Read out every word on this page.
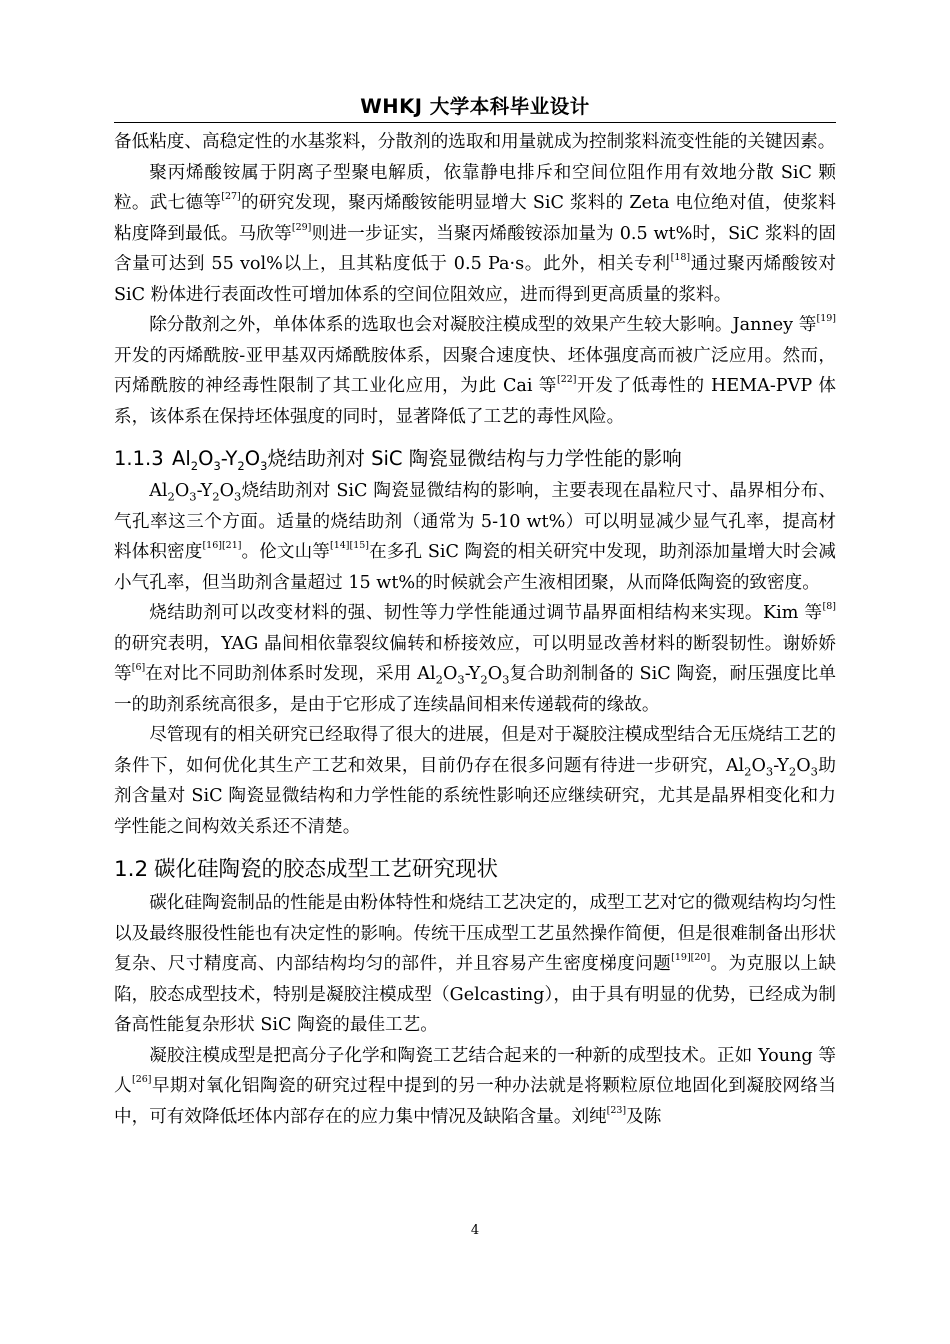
WHKJ 大学本科毕业设计

备低粘度、高稳定性的水基浆料，分散剂的选取和用量就成为控制浆料流变性能的关键因素。

聚丙烯酸铵属于阴离子型聚电解质，依靠静电排斥和空间位阻作用有效地分散 SiC 颗粒。武七德等[27]的研究发现，聚丙烯酸铵能明显增大 SiC 浆料的 Zeta 电位绝对值，使浆料粘度降到最低。马欣等[29]则进一步证实，当聚丙烯酸铵添加量为 0.5 wt%时，SiC 浆料的固含量可达到 55 vol%以上，且其粘度低于 0.5 Pa·s。此外，相关专利[18]通过聚丙烯酸铵对 SiC 粉体进行表面改性可增加体系的空间位阻效应，进而得到更高质量的浆料。

除分散剂之外，单体体系的选取也会对凝胶注模成型的效果产生较大影响。Janney 等[19] 开发的丙烯酰胺-亚甲基双丙烯酰胺体系，因聚合速度快、坯体强度高而被广泛应用。然而，丙烯酰胺的神经毒性限制了其工业化应用，为此 Cai 等[22]开发了低毒性的 HEMA-PVP 体系，该体系在保持坯体强度的同时，显著降低了工艺的毒性风险。

1.1.3 $Al_2O_3-Y_2O_3$烧结助剂对 SiC 陶瓷显微结构与力学性能的影响

$Al_2O_3-Y_2O_3$烧结助剂对 SiC 陶瓷显微结构的影响，主要表现在晶粒尺寸、晶界相分布、气孔率这三个方面。适量的烧结助剂（通常为 5-10 wt%）可以明显减少显气孔率，提高材料体积密度[16][21]。伦文山等[14][15]在多孔 SiC 陶瓷的相关研究中发现，助剂添加量增大时会减小气孔率，但当助剂含量超过 15 wt%的时候就会产生液相团聚，从而降低陶瓷的致密度。

烧结助剂可以改变材料的强、韧性等力学性能通过调节晶界面相结构来实现。Kim 等[8]的研究表明，YAG 晶间相依靠裂纹偏转和桥接效应，可以明显改善材料的断裂韧性。谢娇娇等[6]在对比不同助剂体系时发现，采用 $Al_2O_3-Y_2O_3$复合助剂制备的 SiC 陶瓷，耐压强度比单一的助剂系统高很多，是由于它形成了连续晶间相来传递载荷的缘故。

尽管现有的相关研究已经取得了很大的进展，但是对于凝胶注模成型结合无压烧结工艺的条件下，如何优化其生产工艺和效果，目前仍存在很多问题有待进一步研究，$Al_2O_3-Y_2O_3$助剂含量对 SiC 陶瓷显微结构和力学性能的系统性影响还应继续研究，尤其是晶界相变化和力学性能之间构效关系还不清楚。

1.2 碳化硅陶瓷的胶态成型工艺研究现状

碳化硅陶瓷制品的性能是由粉体特性和烧结工艺决定的，成型工艺对它的微观结构均匀性以及最终服役性能也有决定性的影响。传统干压成型工艺虽然操作简便，但是很难制备出形状复杂、尺寸精度高、内部结构均匀的部件，并且容易产生密度梯度问题[19][20]。为克服以上缺陷，胶态成型技术，特别是凝胶注模成型（Gelcasting），由于具有明显的优势，已经成为制备高性能复杂形状 SiC 陶瓷的最佳工艺。

凝胶注模成型是把高分子化学和陶瓷工艺结合起来的一种新的成型技术。正如 Young 等人[26]早期对氧化铝陶瓷的研究过程中提到的另一种办法就是将颗粒原位地固化到凝胶网络当中，可有效降低坯体内部存在的应力集中情况及缺陷含量。刘纯[23]及陈

4
